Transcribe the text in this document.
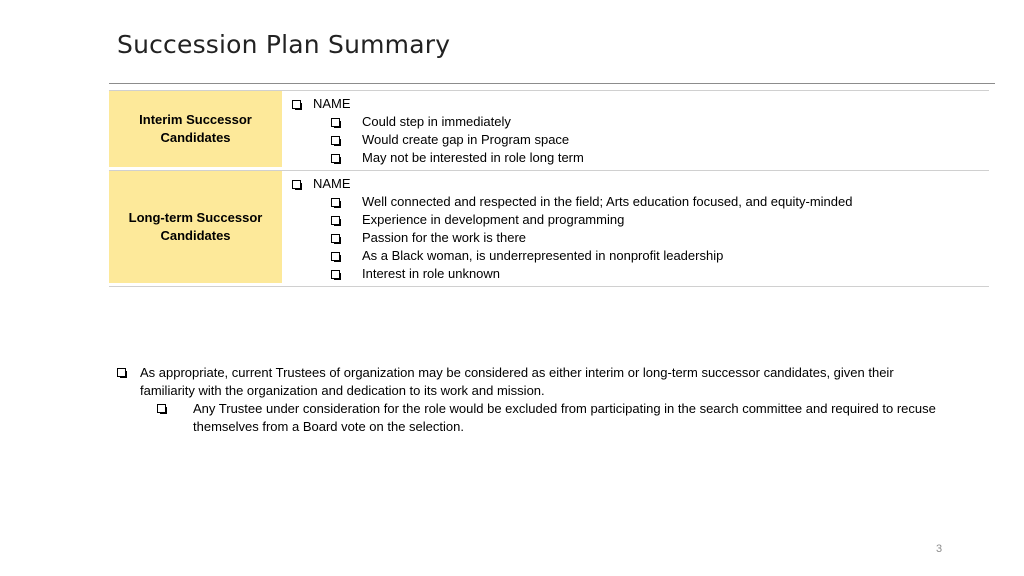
Succession Plan Summary
Interim Successor
Candidates
NAME
Could step in immediately
Would create gap in Program space
May not be interested in role long term
Long-term Successor
Candidates
NAME
Well connected and respected in the field; Arts education focused, and equity-minded
Experience in development and programming
Passion for the work is there
As a Black woman, is underrepresented in nonprofit leadership
Interest in role unknown
As appropriate, current Trustees of organization may be considered as either interim or long-term successor candidates, given their familiarity with the organization and dedication to its work and mission.
Any Trustee under consideration for the role would be excluded from participating in the search committee and required to recuse themselves from a Board vote on the selection.
3
